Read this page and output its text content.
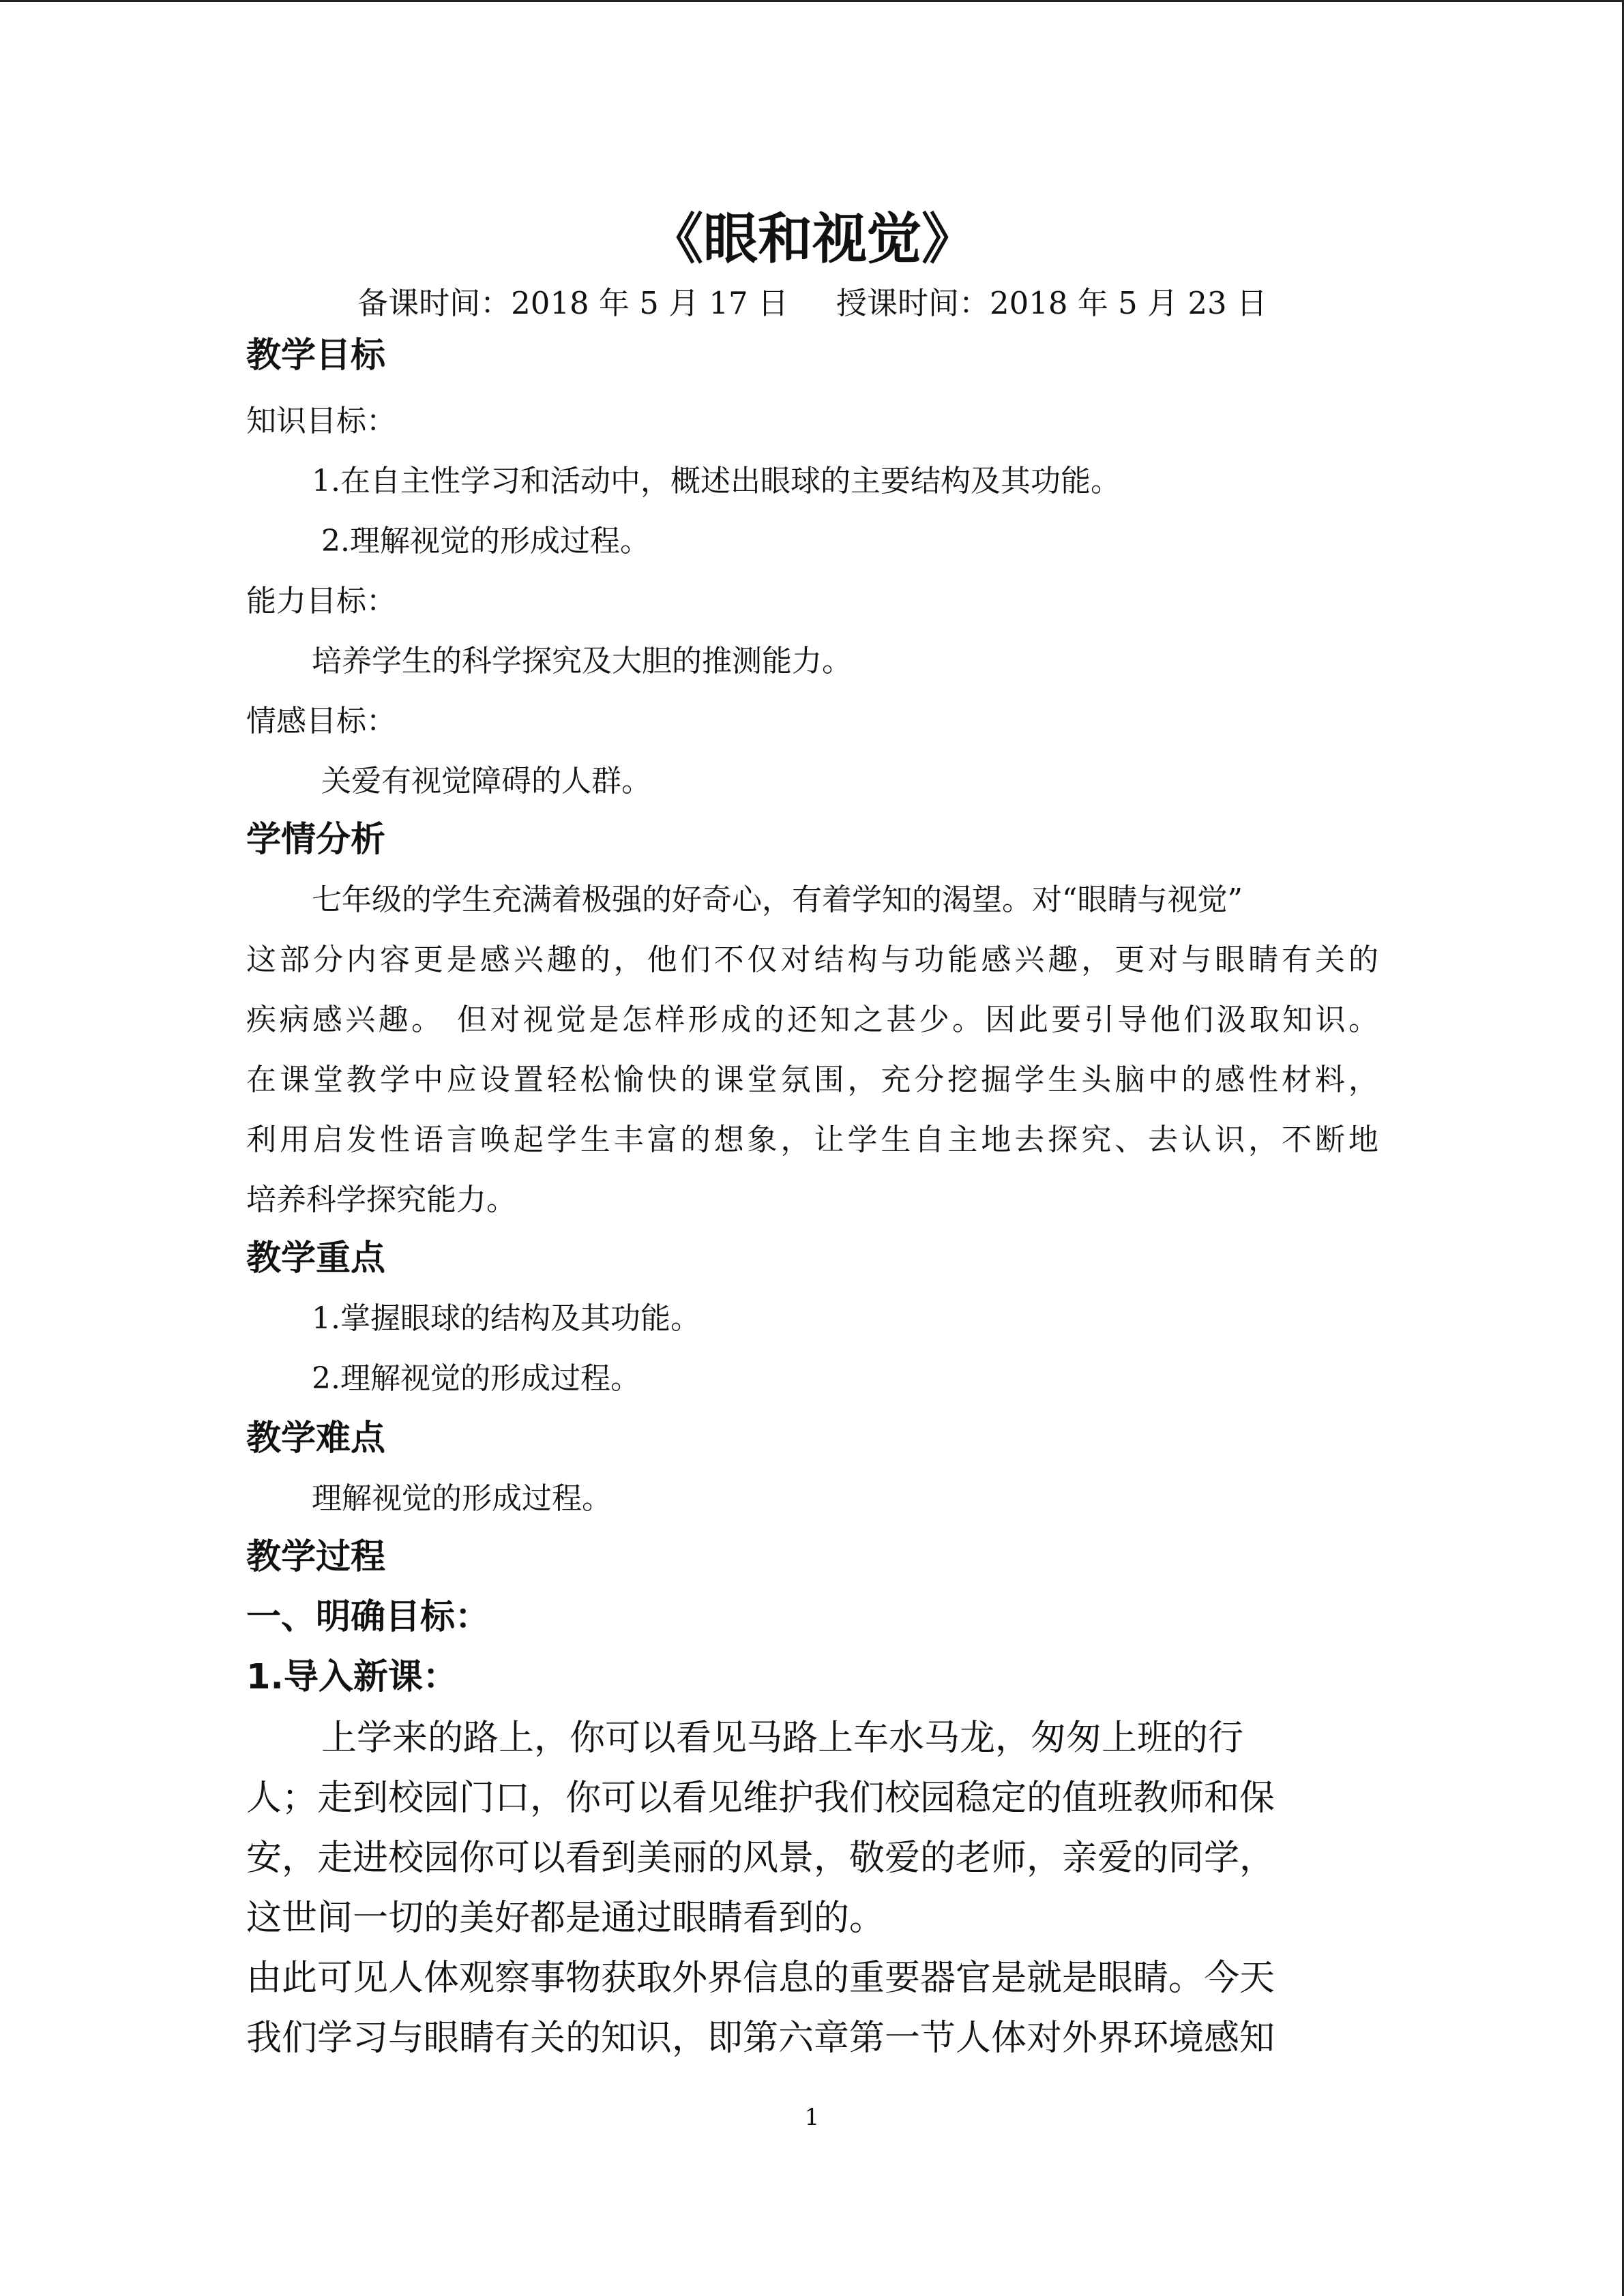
《眼和视觉》
备课时间：2018 年 5 月 17 日 授课时间：2018 年 5 月 23 日
教学目标
知识目标：
1.在自主性学习和活动中，概述出眼球的主要结构及其功能。
2.理解视觉的形成过程。
能力目标：
培养学生的科学探究及大胆的推测能力。
情感目标：
关爱有视觉障碍的人群。
学情分析
七年级的学生充满着极强的好奇心，有着学知的渴望。对“眼睛与视觉”
这部分内容更是感兴趣的，他们不仅对结构与功能感兴趣，更对与眼睛有关的
疾病感兴趣。 但对视觉是怎样形成的还知之甚少。因此要引导他们汲取知识。
在课堂教学中应设置轻松愉快的课堂氛围，充分挖掘学生头脑中的感性材料，
利用启发性语言唤起学生丰富的想象，让学生自主地去探究、去认识，不断地
培养科学探究能力。
教学重点
1.掌握眼球的结构及其功能。
2.理解视觉的形成过程。
教学难点
理解视觉的形成过程。
教学过程
一、明确目标：
1.导入新课：
上学来的路上，你可以看见马路上车水马龙，匆匆上班的行
人；走到校园门口，你可以看见维护我们校园稳定的值班教师和保
安，走进校园你可以看到美丽的风景，敬爱的老师，亲爱的同学，
这世间一切的美好都是通过眼睛看到的。
由此可见人体观察事物获取外界信息的重要器官是就是眼睛。今天
我们学习与眼睛有关的知识，即第六章第一节人体对外界环境感知
1
